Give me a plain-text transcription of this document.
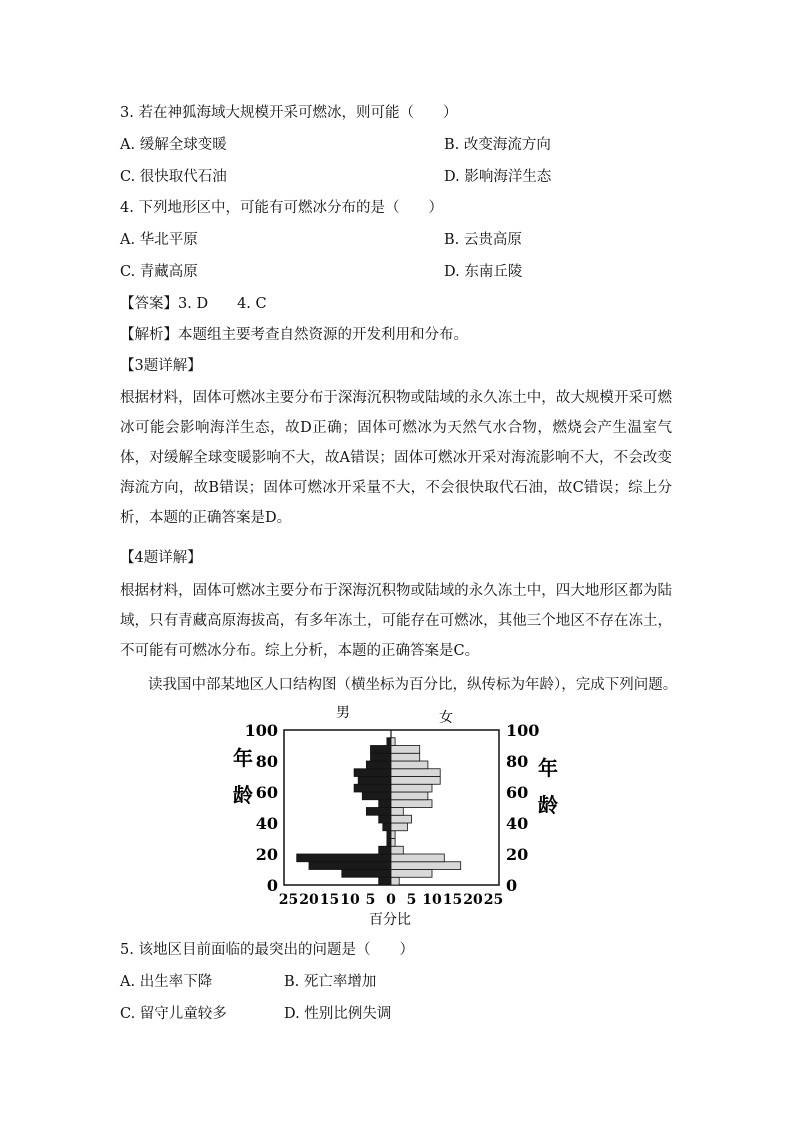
3. 若在神狐海域大规模开采可燃冰，则可能（　　）
A. 缓解全球变暖	B. 改变海流方向
C. 很快取代石油	D. 影响海洋生态
4. 下列地形区中，可能有可燃冰分布的是（　　）
A. 华北平原	B. 云贵高原
C. 青藏高原	D. 东南丘陵
【答案】3. D　　4. C
【解析】本题组主要考查自然资源的开发利用和分布。
【3题详解】
根据材料，固体可燃冰主要分布于深海沉积物或陆域的永久冻土中，故大规模开采可燃冰可能会影响海洋生态，故D正确；固体可燃冰为天然气水合物，燃烧会产生温室气体，对缓解全球变暖影响不大，故A错误；固体可燃冰开采对海流影响不大，不会改变海流方向，故B错误；固体可燃冰开采量不大，不会很快取代石油，故C错误；综上分析，本题的正确答案是D。
【4题详解】
根据材料，固体可燃冰主要分布于深海沉积物或陆域的永久冻土中，四大地形区都为陆域，只有青藏高原海拔高，有多年冻土，可能存在可燃冰，其他三个地区不存在冻土，不可能有可燃冰分布。综上分析，本题的正确答案是C。
读我国中部某地区人口结构图（横坐标为百分比，纵传标为年龄），完成下列问题。
男	女
100
80
60
40
20
0
100
80
60
40
20
0
25 20 15 10 5 0 5 10 15 20 25
年
龄
年
龄
百分比
5. 该地区目前面临的最突出的问题是（　　）
A. 出生率下降	B. 死亡率增加
C. 留守儿童较多	D. 性别比例失调
